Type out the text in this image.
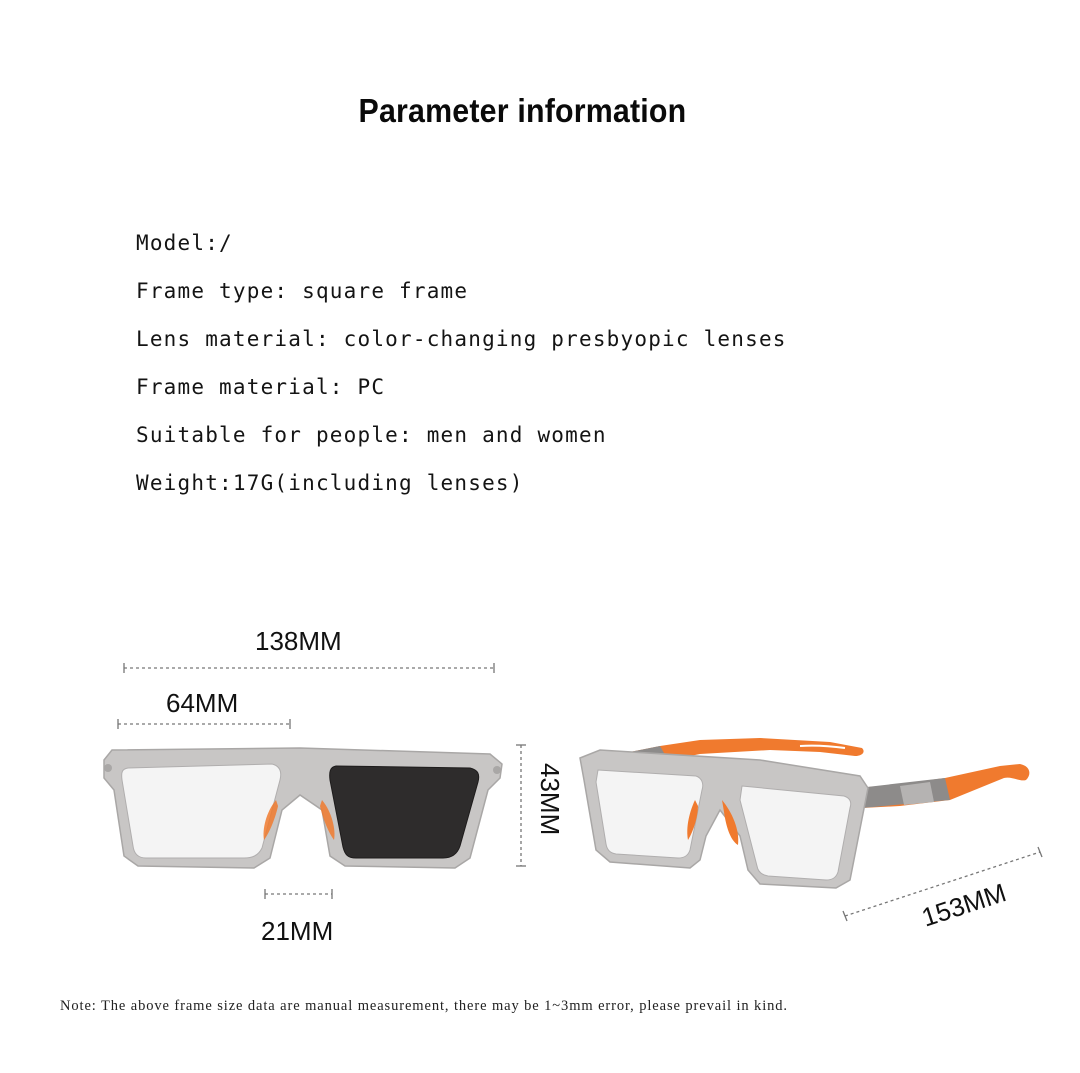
Parameter information
Model:/
Frame type: square frame
Lens material: color-changing presbyopic lenses
Frame material: PC
Suitable for people: men and women
Weight:17G(including lenses)
138MM
64MM
21MM
43MM
153MM
Note: The above frame size data are manual measurement, there may be 1~3mm error, please prevail in kind.
